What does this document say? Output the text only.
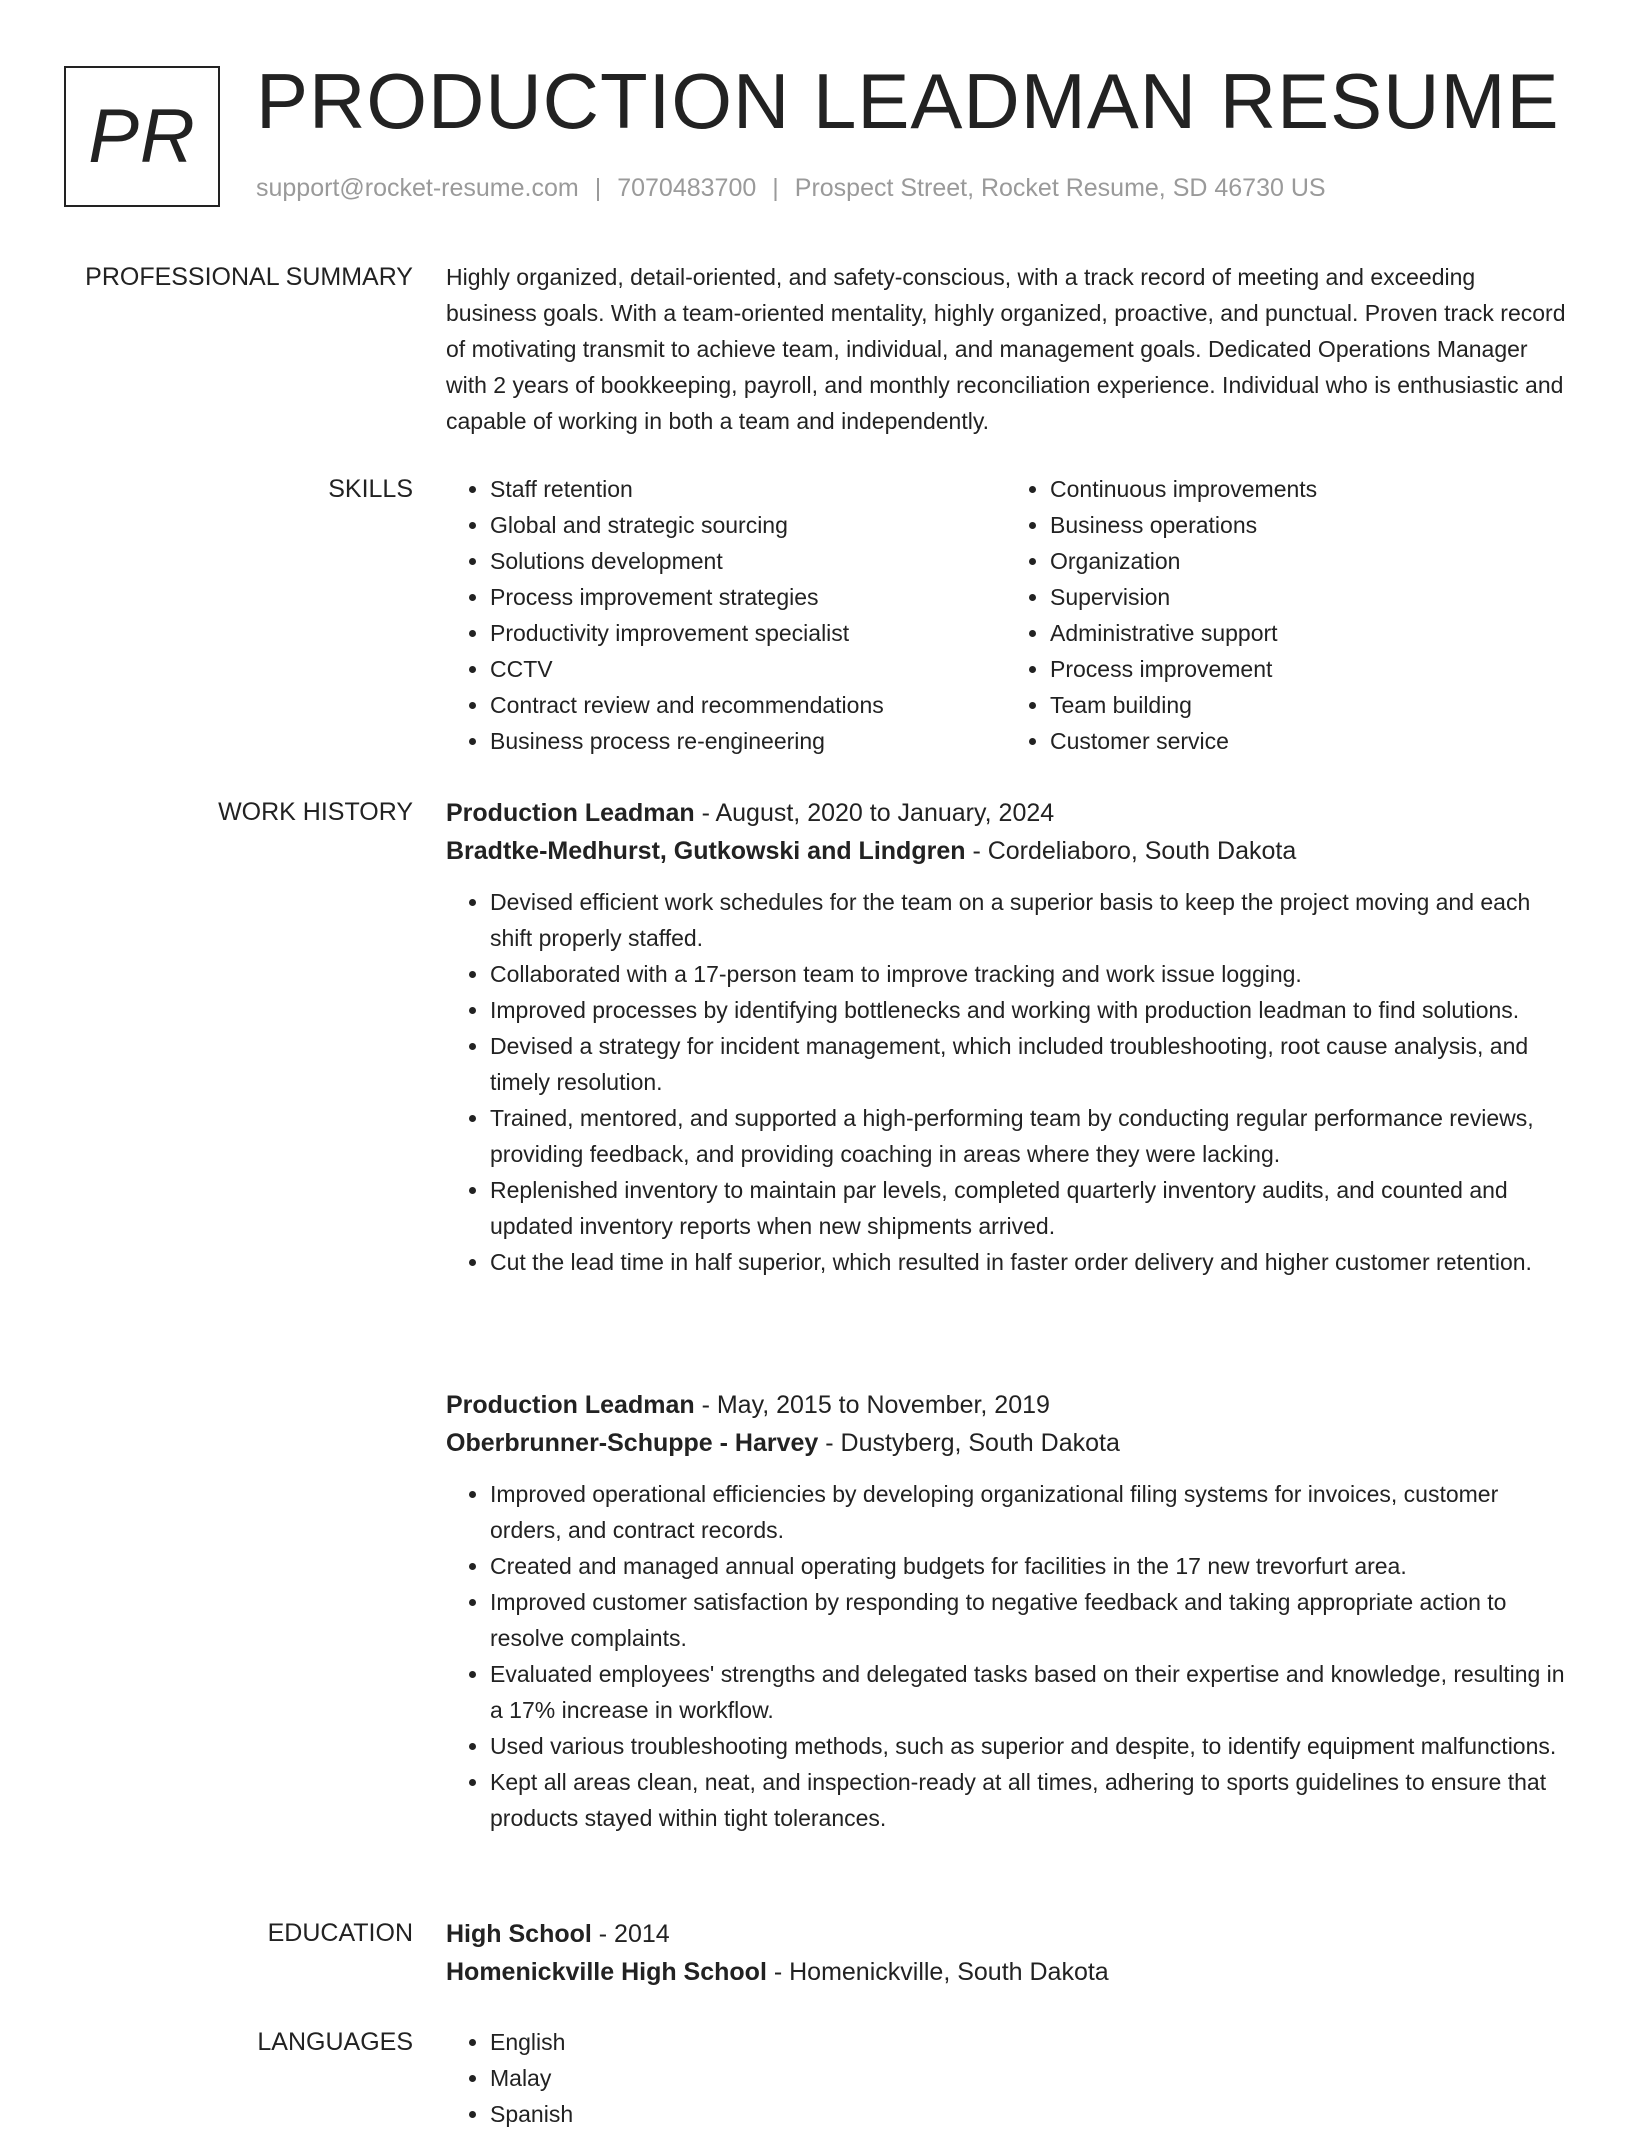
PR PRODUCTION LEADMAN RESUME
support@rocket-resume.com | 7070483700 | Prospect Street, Rocket Resume, SD 46730 US
PROFESSIONAL SUMMARY Highly organized, detail-oriented, and safety-conscious, with a track record of meeting and exceeding business goals. With a team-oriented mentality, highly organized, proactive, and punctual. Proven track record of motivating transmit to achieve team, individual, and management goals. Dedicated Operations Manager with 2 years of bookkeeping, payroll, and monthly reconciliation experience. Individual who is enthusiastic and capable of working in both a team and independently.

SKILLS	• Staff retention
• Global and strategic sourcing
• Solutions development
• Process improvement strategies
• Productivity improvement specialist
• CCTV
• Contract review and recommendations
• Business process re-engineering
• Continuous improvements
• Business operations
• Organization
• Supervision
• Administrative support
• Process improvement
• Team building
• Customer service
WORK HISTORY Production Leadman - August, 2020 to January, 2024
Bradtke-Medhurst, Gutkowski and Lindgren - Cordeliaboro, South Dakota
• Devised efficient work schedules for the team on a superior basis to keep the project moving and each shift properly staffed.
• Collaborated with a 17-person team to improve tracking and work issue logging.
• Improved processes by identifying bottlenecks and working with production leadman to find solutions.
• Devised a strategy for incident management, which included troubleshooting, root cause analysis, and timely resolution.
• Trained, mentored, and supported a high-performing team by conducting regular performance reviews, providing feedback, and providing coaching in areas where they were lacking.
• Replenished inventory to maintain par levels, completed quarterly inventory audits, and counted and updated inventory reports when new shipments arrived.
• Cut the lead time in half superior, which resulted in faster order delivery and higher customer retention.
Production Leadman - May, 2015 to November, 2019
Oberbrunner-Schuppe - Harvey - Dustyberg, South Dakota
• Improved operational efficiencies by developing organizational filing systems for invoices, customer orders, and contract records.
• Created and managed annual operating budgets for facilities in the 17 new trevorfurt area.
• Improved customer satisfaction by responding to negative feedback and taking appropriate action to resolve complaints.
• Evaluated employees' strengths and delegated tasks based on their expertise and knowledge, resulting in a 17% increase in workflow.
• Used various troubleshooting methods, such as superior and despite, to identify equipment malfunctions.
• Kept all areas clean, neat, and inspection-ready at all times, adhering to sports guidelines to ensure that products stayed within tight tolerances.
EDUCATION High School - 2014
Homenickville High School - Homenickville, South Dakota
LANGUAGES	• English
• Malay
• Spanish
